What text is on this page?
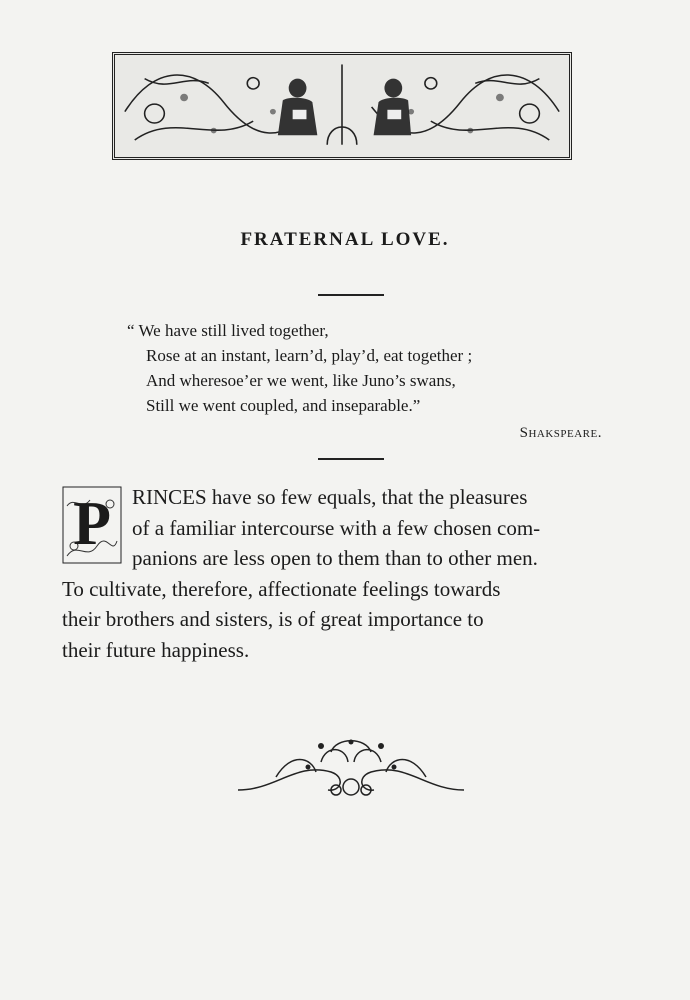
FRATERNAL LOVE.
“ We have still lived together,
Rose at an instant, learn’d, play’d, eat together ;
And wheresoe’er we went, like Juno’s swans,
Still we went coupled, and inseparable.”
Shakspeare.
P	RINCES have so few equals, that the pleasures
of a familiar intercourse with a few chosen com-
panions are less open to them than to other men.
To cultivate, therefore, affectionate feelings towards
their brothers and sisters, is of great importance to
their future happiness.
